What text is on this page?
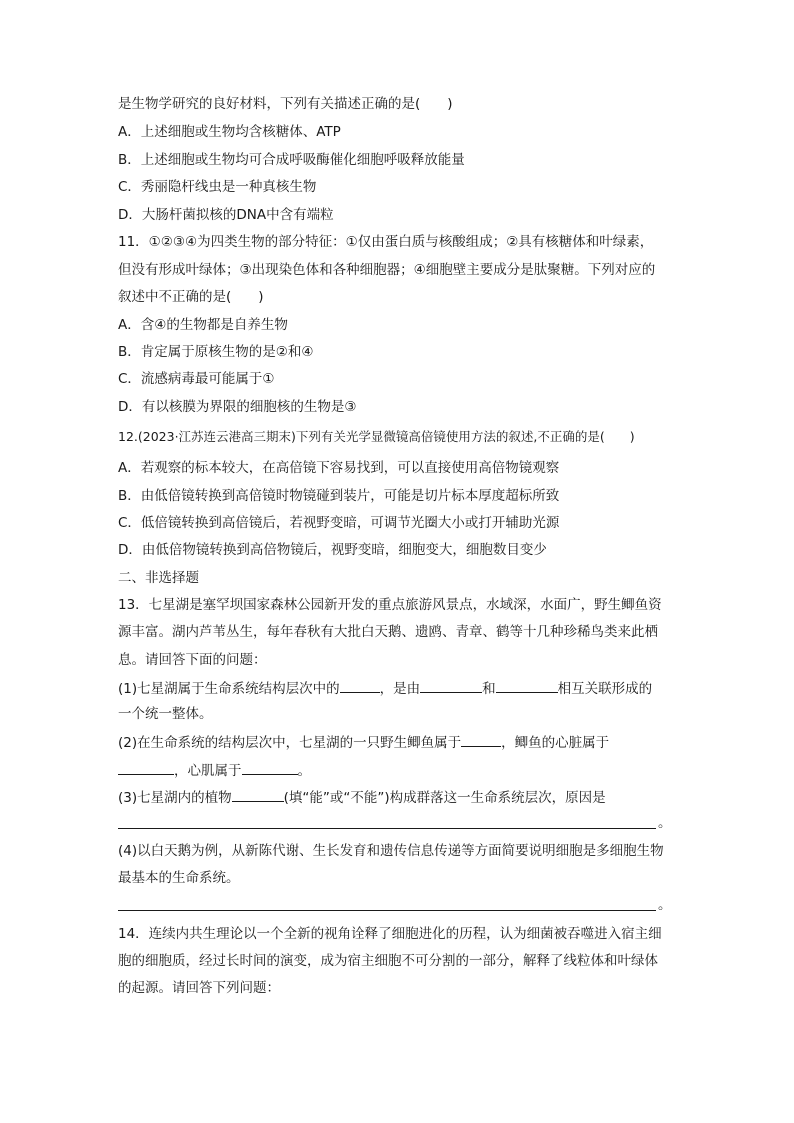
是生物学研究的良好材料，下列有关描述正确的是(　　)
A．上述细胞或生物均含核糖体、ATP
B．上述细胞或生物均可合成呼吸酶催化细胞呼吸释放能量
C．秀丽隐杆线虫是一种真核生物
D．大肠杆菌拟核的DNA中含有端粒
11．①②③④为四类生物的部分特征：①仅由蛋白质与核酸组成；②具有核糖体和叶绿素，
但没有形成叶绿体；③出现染色体和各种细胞器；④细胞壁主要成分是肽聚糖。下列对应的
叙述中不正确的是(　　)
A．含④的生物都是自养生物
B．肯定属于原核生物的是②和④
C．流感病毒最可能属于①
D．有以核膜为界限的细胞核的生物是③
12.(2023·江苏连云港高三期末)下列有关光学显微镜高倍镜使用方法的叙述,不正确的是(　　)
A．若观察的标本较大，在高倍镜下容易找到，可以直接使用高倍物镜观察
B．由低倍镜转换到高倍镜时物镜碰到装片，可能是切片标本厚度超标所致
C．低倍镜转换到高倍镜后，若视野变暗，可调节光圈大小或打开辅助光源
D．由低倍物镜转换到高倍物镜后，视野变暗，细胞变大，细胞数目变少
二、非选择题
13．七星湖是塞罕坝国家森林公园新开发的重点旅游风景点，水域深，水面广，野生鲫鱼资
源丰富。湖内芦苇丛生，每年春秋有大批白天鹅、遗鸥、青章、鹤等十几种珍稀鸟类来此栖
息。请回答下面的问题：
(1)七星湖属于生命系统结构层次中的	，是由	和	相互关联形成的
一个统一整体。
(2)在生命系统的结构层次中，七星湖的一只野生鲫鱼属于	，鲫鱼的心脏属于
，心肌属于	。
(3)七星湖内的植物	(填“能”或“不能”)构成群落这一生命系统层次，原因是
。
(4)以白天鹅为例，从新陈代谢、生长发育和遗传信息传递等方面简要说明细胞是多细胞生物
最基本的生命系统。
。
14．连续内共生理论以一个全新的视角诠释了细胞进化的历程，认为细菌被吞噬进入宿主细
胞的细胞质，经过长时间的演变，成为宿主细胞不可分割的一部分，解释了线粒体和叶绿体
的起源。请回答下列问题：
